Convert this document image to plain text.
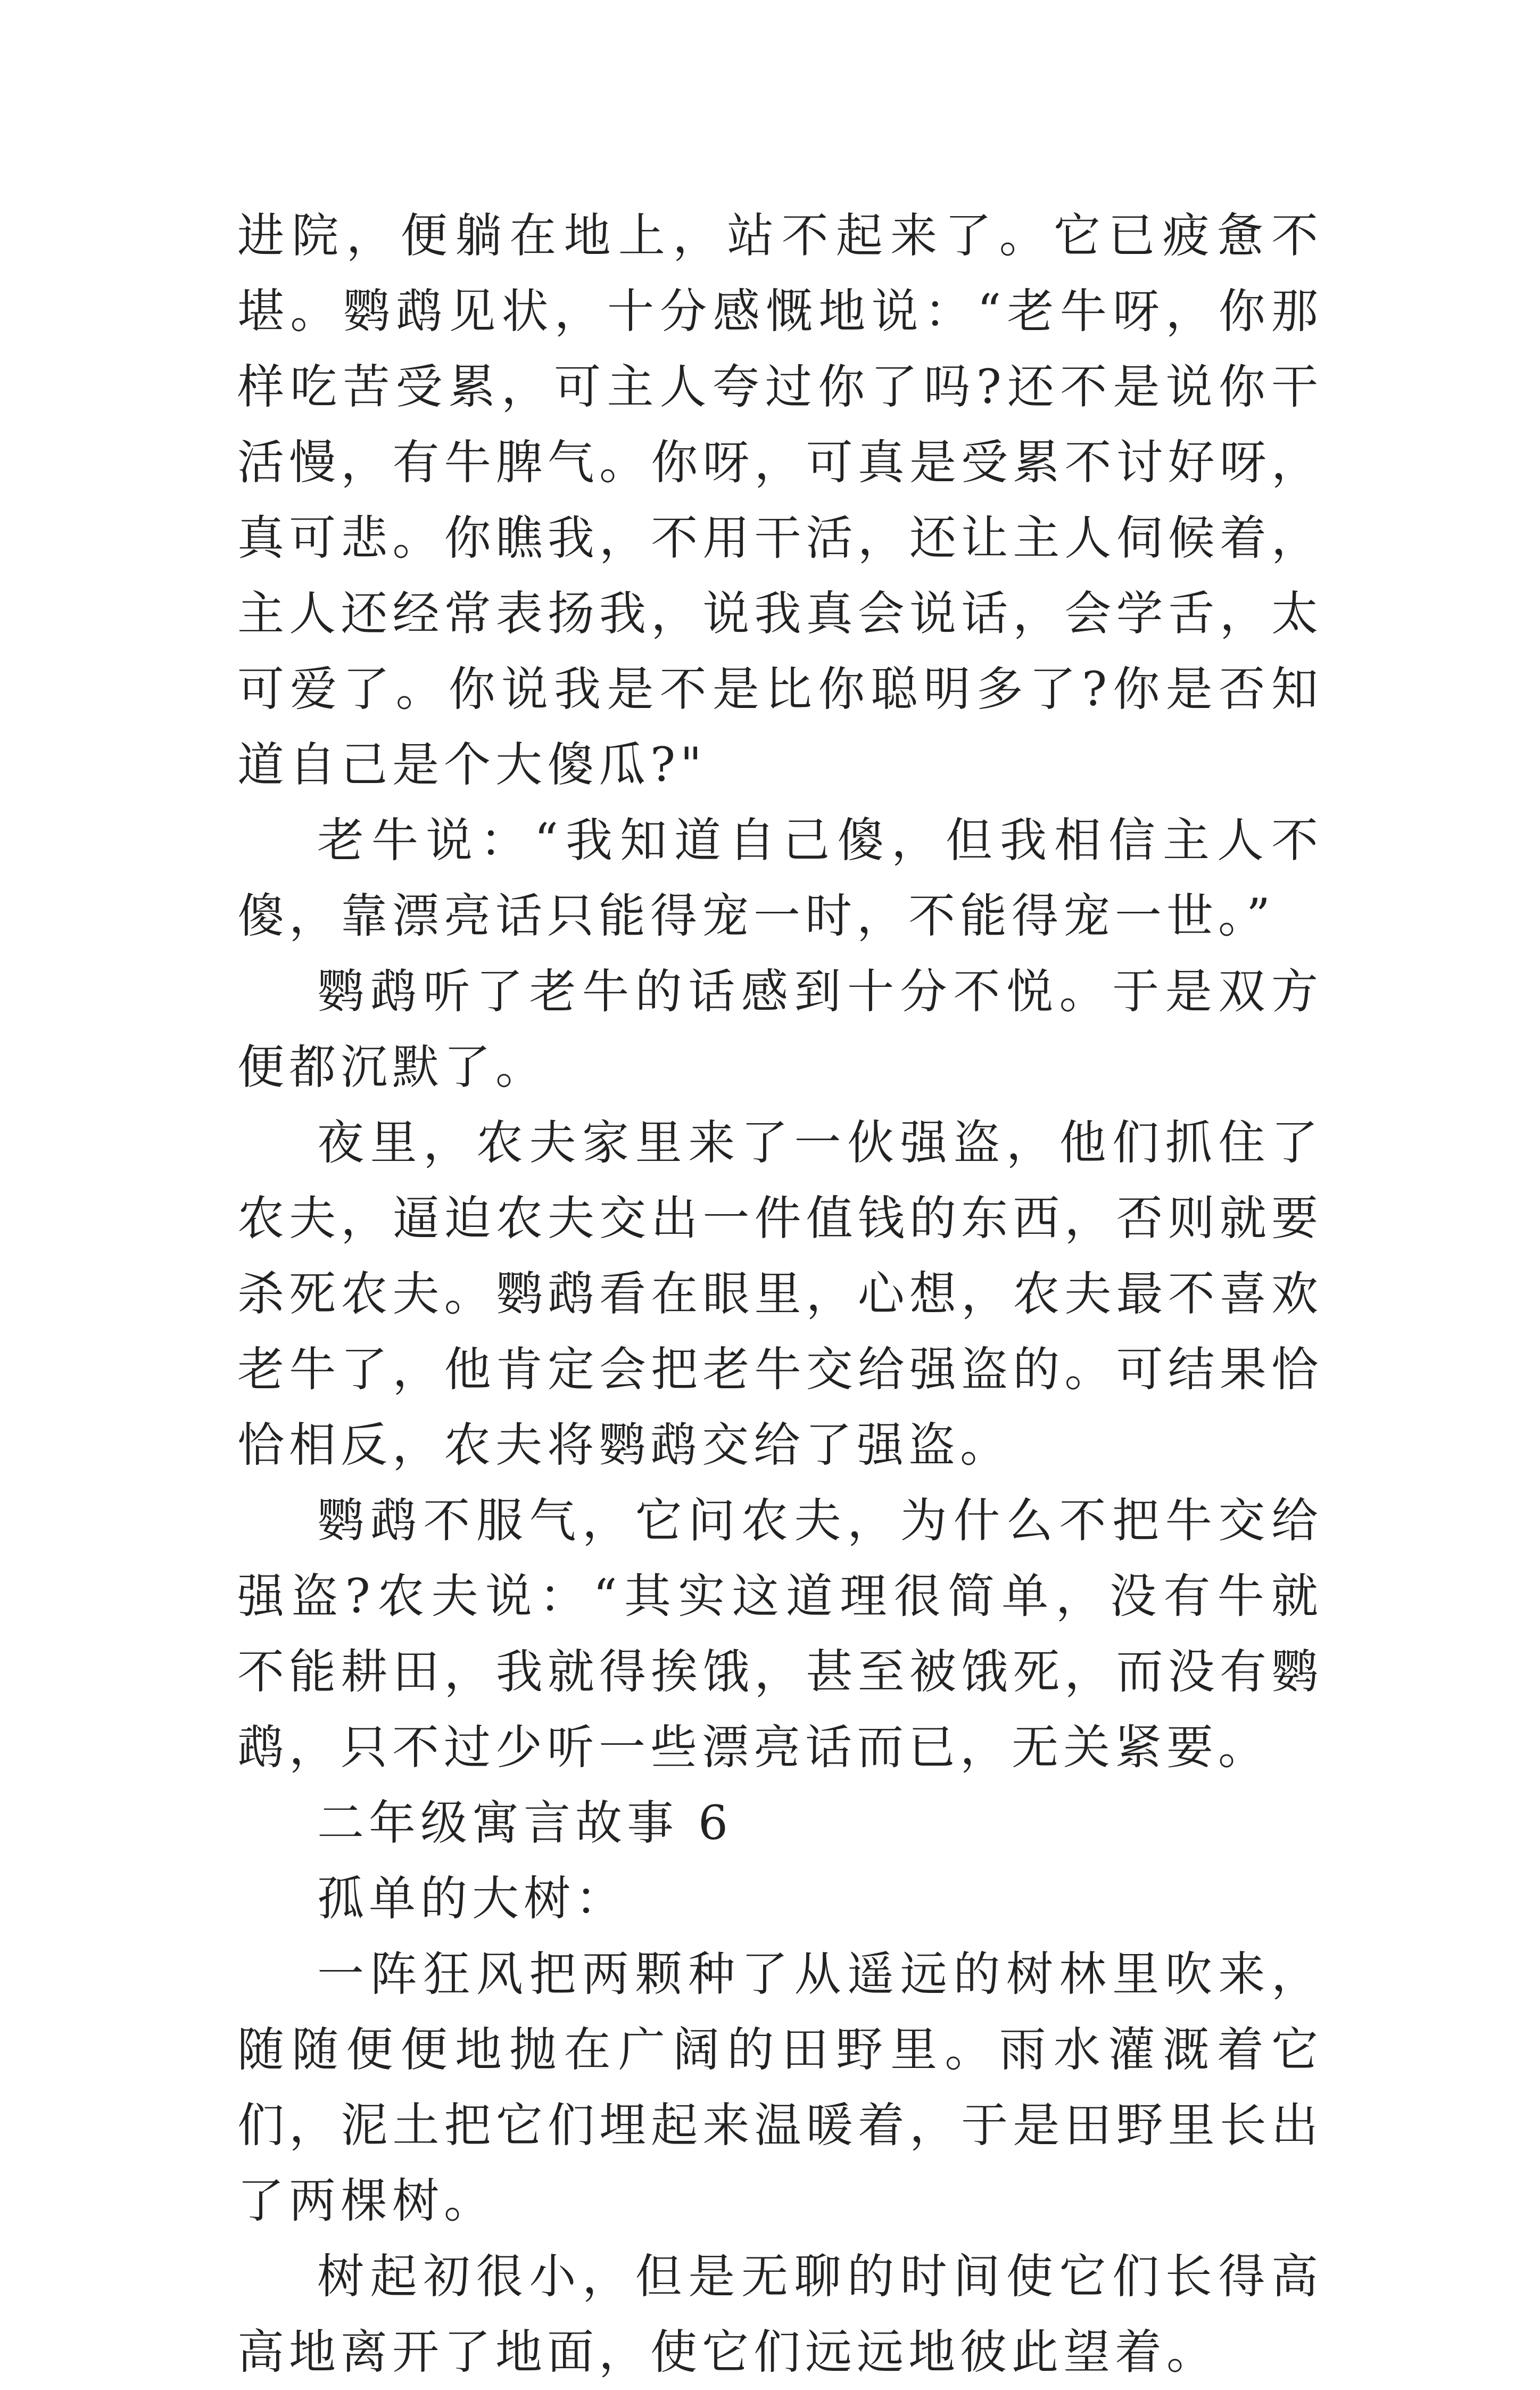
进院，便躺在地上，站不起来了。它已疲惫不堪。鹦鹉见状，十分感慨地说：“老牛呀，你那样吃苦受累，可主人夸过你了吗?还不是说你干活慢，有牛脾气。你呀，可真是受累不讨好呀，真可悲。你瞧我，不用干活，还让主人伺候着，主人还经常表扬我，说我真会说话，会学舌，太可爱了。你说我是不是比你聪明多了?你是否知道自己是个大傻瓜?"

老牛说：“我知道自己傻，但我相信主人不傻，靠漂亮话只能得宠一时，不能得宠一世。”

鹦鹉听了老牛的话感到十分不悦。于是双方便都沉默了。

夜里，农夫家里来了一伙强盗，他们抓住了农夫，逼迫农夫交出一件值钱的东西，否则就要杀死农夫。鹦鹉看在眼里，心想，农夫最不喜欢老牛了，他肯定会把老牛交给强盗的。可结果恰恰相反，农夫将鹦鹉交给了强盗。

鹦鹉不服气，它问农夫，为什么不把牛交给强盗?农夫说：“其实这道理很简单，没有牛就不能耕田，我就得挨饿，甚至被饿死，而没有鹦鹉，只不过少听一些漂亮话而已，无关紧要。

二年级寓言故事 6

孤单的大树：

一阵狂风把两颗种了从遥远的树林里吹来，随随便便地抛在广阔的田野里。雨水灌溉着它们，泥土把它们埋起来温暖着，于是田野里长出了两棵树。

树起初很小，但是无聊的时间使它们长得高高地离开了地面，使它们远远地彼此望着。
